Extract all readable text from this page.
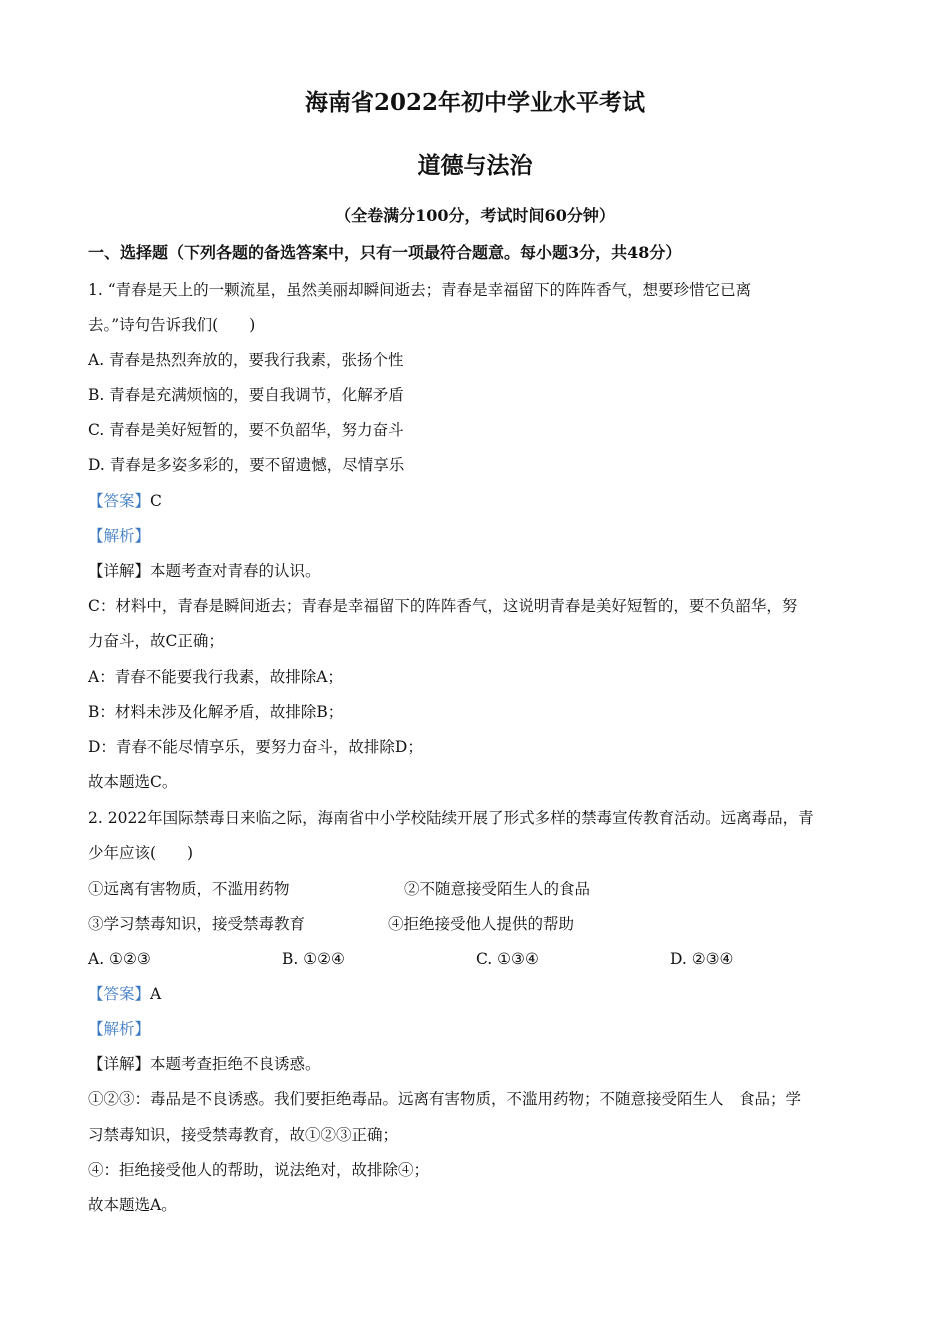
海南省2022年初中学业水平考试
道德与法治
（全卷满分100分，考试时间60分钟）
一、选择题（下列各题的备选答案中，只有一项最符合题意。每小题3分，共48分）
1. “青春是天上的一颗流星，虽然美丽却瞬间逝去；青春是幸福留下的阵阵香气，想要珍惜它已离
去。”诗句告诉我们(　　)
A. 青春是热烈奔放的，要我行我素，张扬个性
B. 青春是充满烦恼的，要自我调节，化解矛盾
C. 青春是美好短暂的，要不负韶华，努力奋斗
D. 青春是多姿多彩的，要不留遗憾，尽情享乐
【答案】C
【解析】
【详解】本题考查对青春的认识。
C：材料中，青春是瞬间逝去；青春是幸福留下的阵阵香气，这说明青春是美好短暂的，要不负韶华，努
力奋斗，故C正确；
A：青春不能要我行我素，故排除A；
B：材料未涉及化解矛盾，故排除B；
D：青春不能尽情享乐，要努力奋斗，故排除D；
故本题选C。
2. 2022年国际禁毒日来临之际，海南省中小学校陆续开展了形式多样的禁毒宣传教育活动。远离毒品，青
少年应该(　　)
①远离有害物质，不滥用药物	②不随意接受陌生人的食品
③学习禁毒知识，接受禁毒教育	④拒绝接受他人提供的帮助
A. ①②③	B. ①②④	C. ①③④	D. ②③④
【答案】A
【解析】
【详解】本题考查拒绝不良诱惑。
①②③：毒品是不良诱惑。我们要拒绝毒品。远离有害物质，不滥用药物；不随意接受陌生人　食品；学
习禁毒知识，接受禁毒教育，故①②③正确；
④：拒绝接受他人的帮助，说法绝对，故排除④；
故本题选A。
